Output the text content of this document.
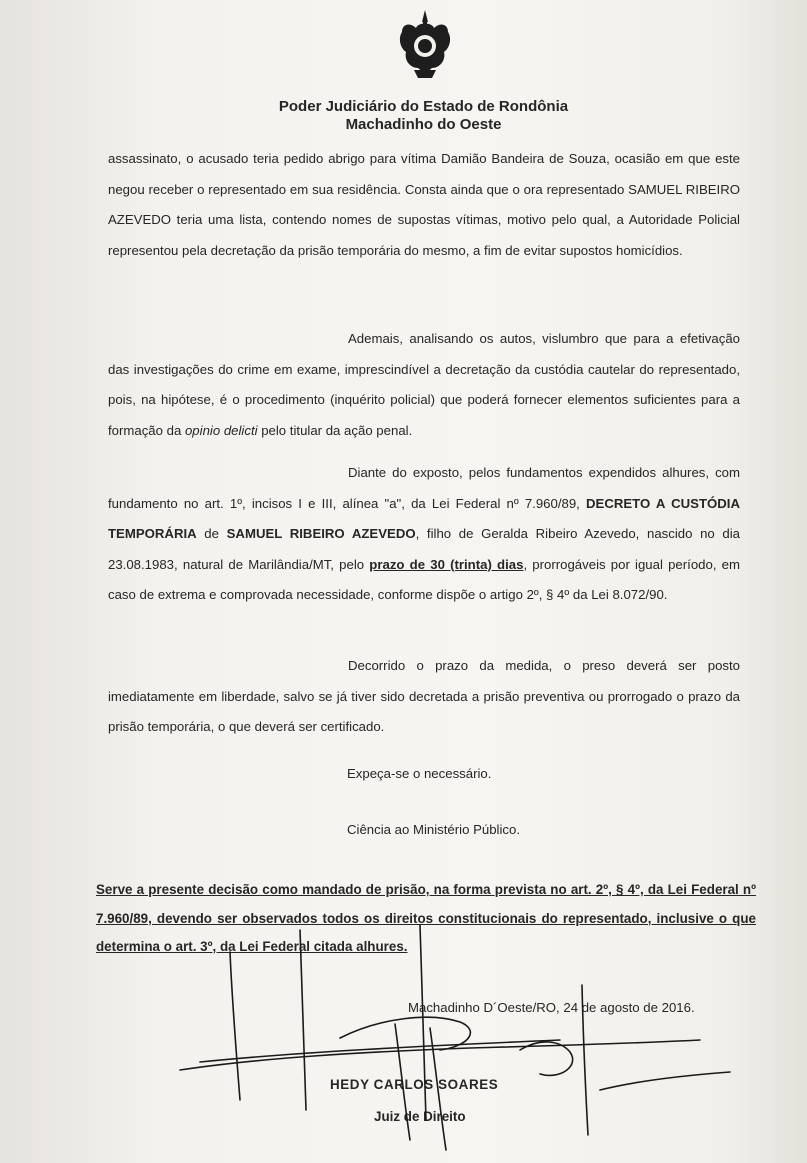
Poder Judiciário do Estado de Rondônia
Machadinho do Oeste

assassinato, o acusado teria pedido abrigo para vítima Damião Bandeira de Souza, ocasião em que este negou receber o representado em sua residência. Consta ainda que o ora representado SAMUEL RIBEIRO AZEVEDO teria uma lista, contendo nomes de supostas vítimas, motivo pelo qual, a Autoridade Policial representou pela decretação da prisão temporária do mesmo, a fim de evitar supostos homicídios.

Ademais, analisando os autos, vislumbro que para a efetivação das investigações do crime em exame, imprescindível a decretação da custódia cautelar do representado, pois, na hipótese, é o procedimento (inquérito policial) que poderá fornecer elementos suficientes para a formação da opinio delicti pelo titular da ação penal.

Diante do exposto, pelos fundamentos expendidos alhures, com fundamento no art. 1º, incisos I e III, alínea "a", da Lei Federal nº 7.960/89, DECRETO A CUSTÓDIA TEMPORÁRIA de SAMUEL RIBEIRO AZEVEDO, filho de Geralda Ribeiro Azevedo, nascido no dia 23.08.1983, natural de Marilândia/MT, pelo prazo de 30 (trinta) dias, prorrogáveis por igual período, em caso de extrema e comprovada necessidade, conforme dispõe o artigo 2º, § 4º da Lei 8.072/90.

Decorrido o prazo da medida, o preso deverá ser posto imediatamente em liberdade, salvo se já tiver sido decretada a prisão preventiva ou prorrogado o prazo da prisão temporária, o que deverá ser certificado.

Expeça-se o necessário.
Ciência ao Ministério Público.

Serve a presente decisão como mandado de prisão, na forma prevista no art. 2º, § 4º, da Lei Federal nº 7.960/89, devendo ser observados todos os direitos constitucionais do representado, inclusive o que determina o art. 3º, da Lei Federal citada alhures.

Machadinho D´Oeste/RO, 24 de agosto de 2016.
HEDY CARLOS SOARES
Juiz de Direito
